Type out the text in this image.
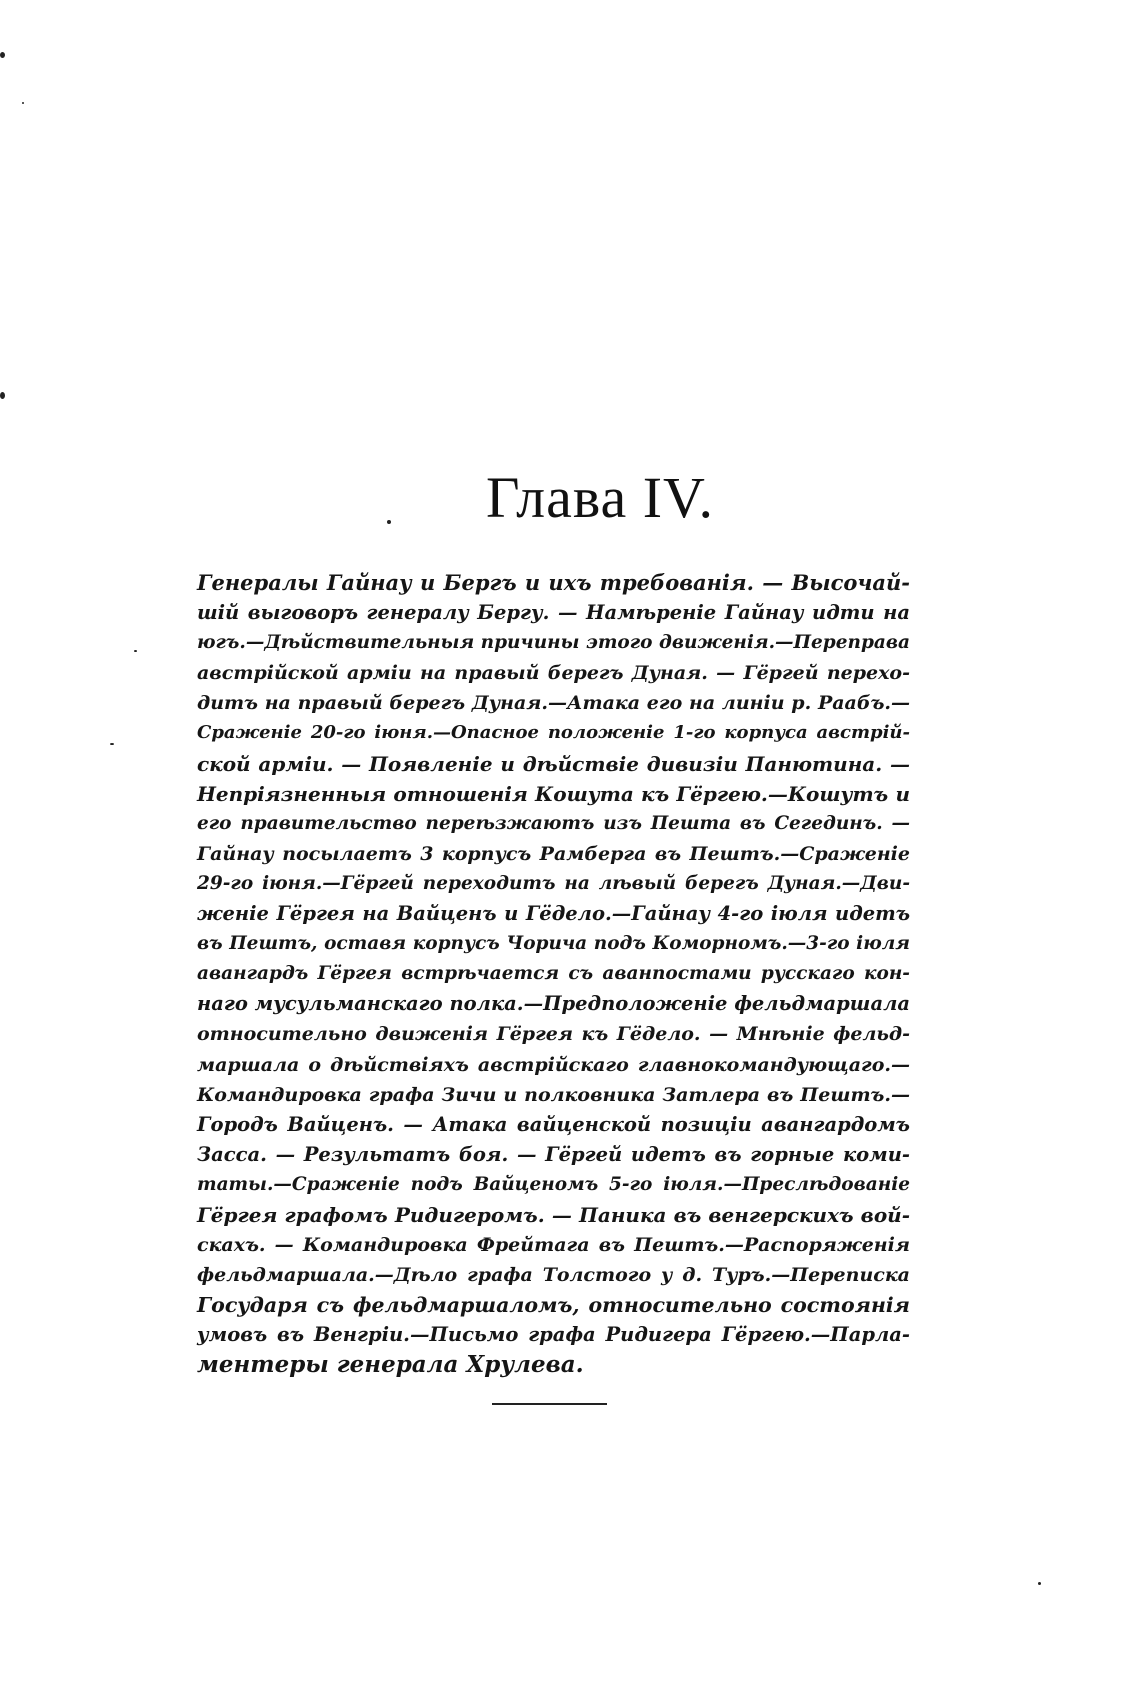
Глава IV.
Генералы Гайнау и Бергъ и ихъ требованія. — Высочай-
шій выговоръ генералу Бергу. — Намѣреніе Гайнау идти на
югъ.—Дѣйствительныя причины этого движенія.—Переправа
австрійской арміи на правый берегъ Дуная. — Гёргей перехо-
дитъ на правый берегъ Дуная.—Атака его на линіи р. Раабъ.—
Сраженіе 20-го іюня.—Опасное положеніе 1-го корпуса австрій-
ской арміи. — Появленіе и дѣйствіе дивизіи Панютина. —
Непріязненныя отношенія Кошута къ Гёргею.—Кошутъ и
его правительство переѣзжаютъ изъ Пешта въ Сегединъ. —
Гайнау посылаетъ 3 корпусъ Рамберга въ Пештъ.—Сраженіе
29-го іюня.—Гёргей переходитъ на лѣвый берегъ Дуная.—Дви-
женіе Гёргея на Вайценъ и Гёдело.—Гайнау 4-го іюля идетъ
въ Пештъ, оставя корпусъ Чорича подъ Коморномъ.—3-го іюля
авангардъ Гёргея встрѣчается съ аванпостами русскаго кон-
наго мусульманскаго полка.—Предположеніе фельдмаршала
относительно движенія Гёргея къ Гёдело. — Мнѣніе фельд-
маршала о дѣйствіяхъ австрійскаго главнокомандующаго.—
Командировка графа Зичи и полковника Затлера въ Пештъ.—
Городъ Вайценъ. — Атака вайценской позиціи авангардомъ
Засса. — Результатъ боя. — Гёргей идетъ въ горные коми-
таты.—Сраженіе подъ Вайценомъ 5-го іюля.—Преслѣдованіе
Гёргея графомъ Ридигеромъ. — Паника въ венгерскихъ вой-
скахъ. — Командировка Фрейтага въ Пештъ.—Распоряженія
фельдмаршала.—Дѣло графа Толстого у д. Туръ.—Переписка
Государя съ фельдмаршаломъ, относительно состоянія
умовъ въ Венгріи.—Письмо графа Ридигера Гёргею.—Парла-
ментеры генерала Хрулева.
